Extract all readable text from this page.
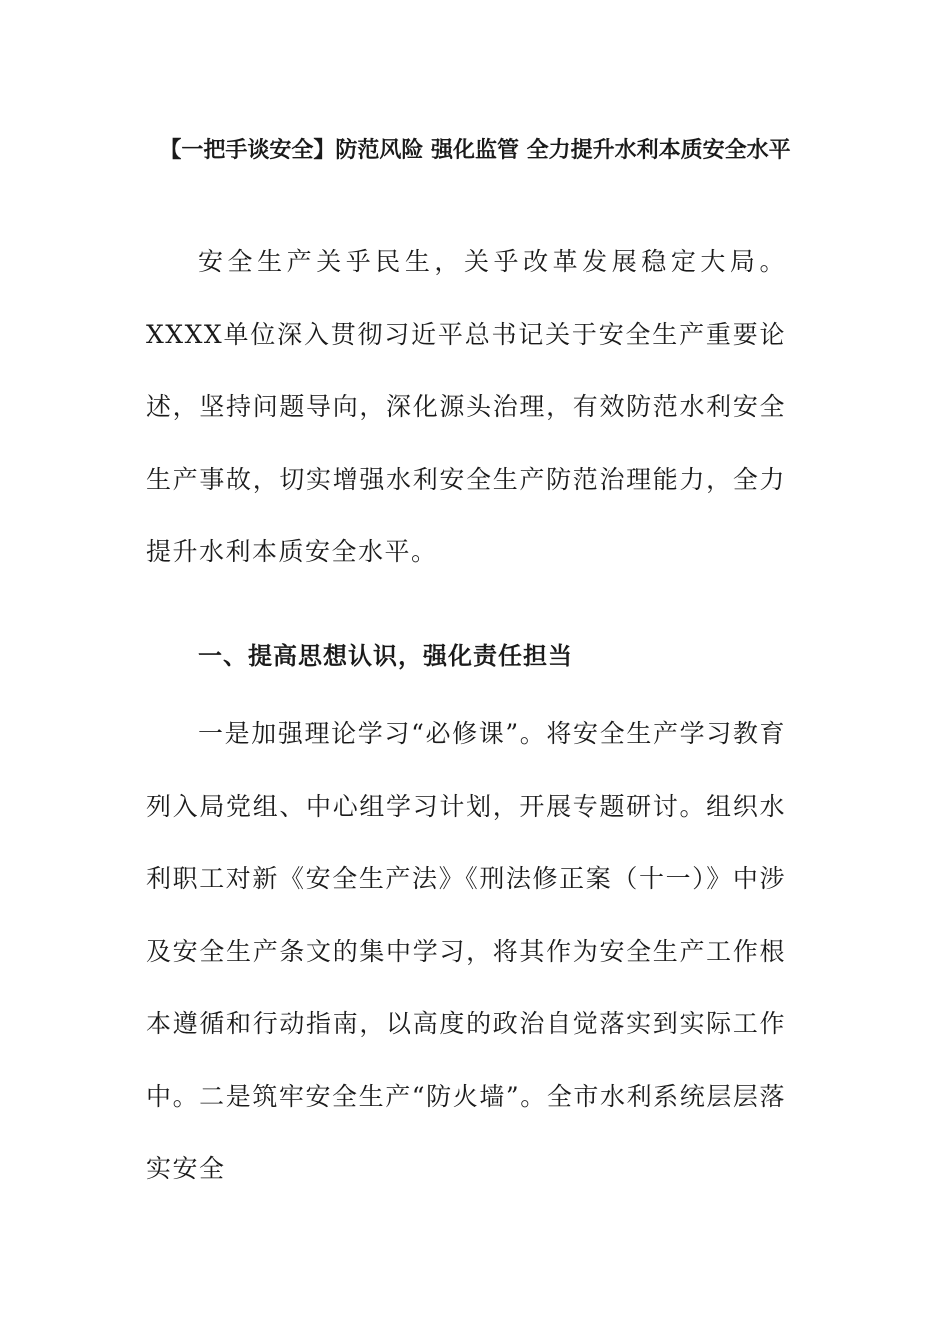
【一把手谈安全】防范风险 强化监管 全力提升水利本质安全水平

安全生产关乎民生，关乎改革发展稳定大局。XXXX单位深入贯彻习近平总书记关于安全生产重要论述，坚持问题导向，深化源头治理，有效防范水利安全生产事故，切实增强水利安全生产防范治理能力，全力提升水利本质安全水平。

一、提高思想认识，强化责任担当

一是加强理论学习“必修课”。将安全生产学习教育列入局党组、中心组学习计划，开展专题研讨。组织水利职工对新《安全生产法》《刑法修正案（十一）》中涉及安全生产条文的集中学习，将其作为安全生产工作根本遵循和行动指南，以高度的政治自觉落实到实际工作中。二是筑牢安全生产“防火墙”。全市水利系统层层落实安全
